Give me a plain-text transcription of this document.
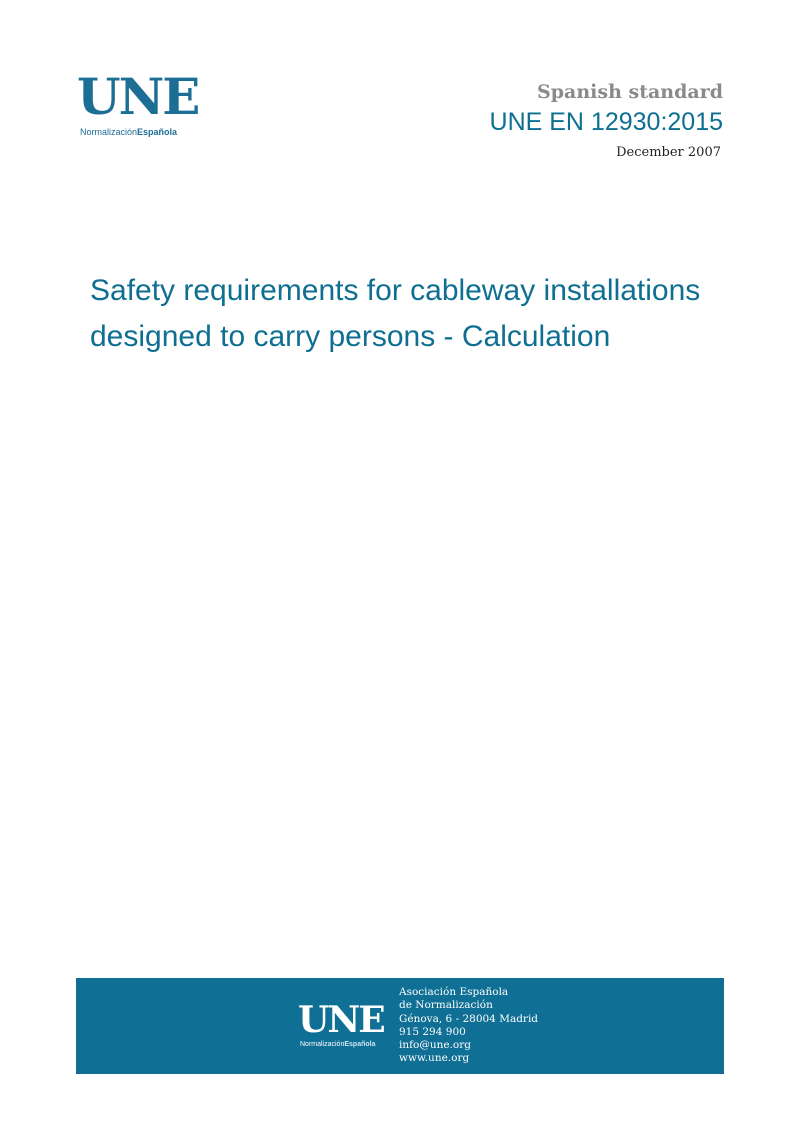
UNE
NormalizaciónEspañola
Spanish standard
UNE EN 12930:2015
December 2007
Safety requirements for cableway installations
designed to carry persons - Calculation
UNE
NormalizaciónEspañola
Asociación Española
de Normalización
Génova, 6 - 28004 Madrid
915 294 900
info@une.org
www.une.org
